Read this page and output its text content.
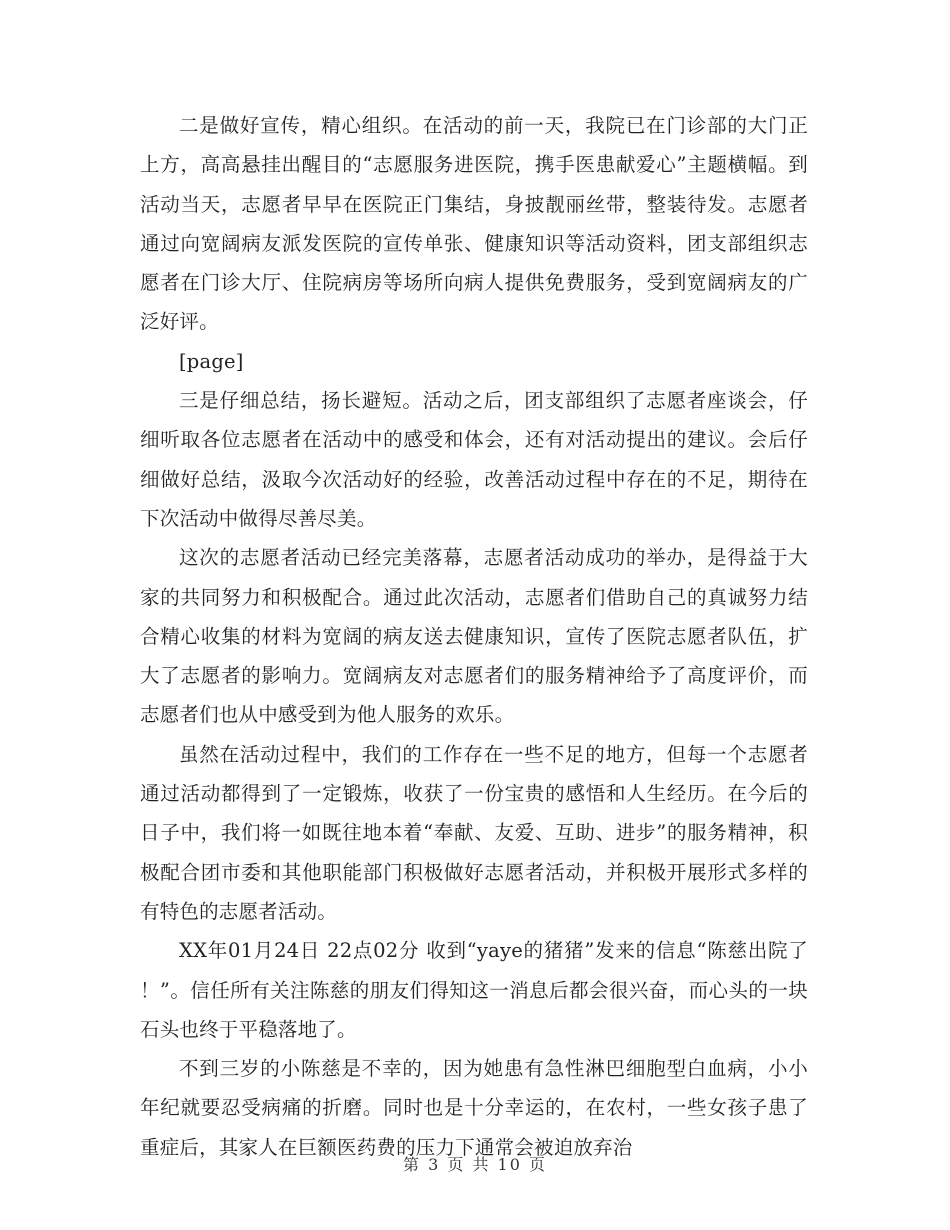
二是做好宣传，精心组织。在活动的前一天，我院已在门诊部的大门正上方，高高悬挂出醒目的“志愿服务进医院，携手医患献爱心”主题横幅。到活动当天，志愿者早早在医院正门集结，身披靓丽丝带，整装待发。志愿者通过向宽阔病友派发医院的宣传单张、健康知识等活动资料，团支部组织志愿者在门诊大厅、住院病房等场所向病人提供免费服务，受到宽阔病友的广泛好评。

[page]

三是仔细总结，扬长避短。活动之后，团支部组织了志愿者座谈会，仔细听取各位志愿者在活动中的感受和体会，还有对活动提出的建议。会后仔细做好总结，汲取今次活动好的经验，改善活动过程中存在的不足，期待在下次活动中做得尽善尽美。

这次的志愿者活动已经完美落幕，志愿者活动成功的举办，是得益于大家的共同努力和积极配合。通过此次活动，志愿者们借助自己的真诚努力结合精心收集的材料为宽阔的病友送去健康知识，宣传了医院志愿者队伍，扩大了志愿者的影响力。宽阔病友对志愿者们的服务精神给予了高度评价，而志愿者们也从中感受到为他人服务的欢乐。

虽然在活动过程中，我们的工作存在一些不足的地方，但每一个志愿者通过活动都得到了一定锻炼，收获了一份宝贵的感悟和人生经历。在今后的日子中，我们将一如既往地本着“奉献、友爱、互助、进步”的服务精神，积极配合团市委和其他职能部门积极做好志愿者活动，并积极开展形式多样的有特色的志愿者活动。

XX年01月24日 22点02分 收到“yaye的猪猪”发来的信息“陈慈出院了！”。信任所有关注陈慈的朋友们得知这一消息后都会很兴奋，而心头的一块石头也终于平稳落地了。

不到三岁的小陈慈是不幸的，因为她患有急性淋巴细胞型白血病，小小年纪就要忍受病痛的折磨。同时也是十分幸运的，在农村，一些女孩子患了重症后，其家人在巨额医药费的压力下通常会被迫放弃治

第 3 页 共 10 页
